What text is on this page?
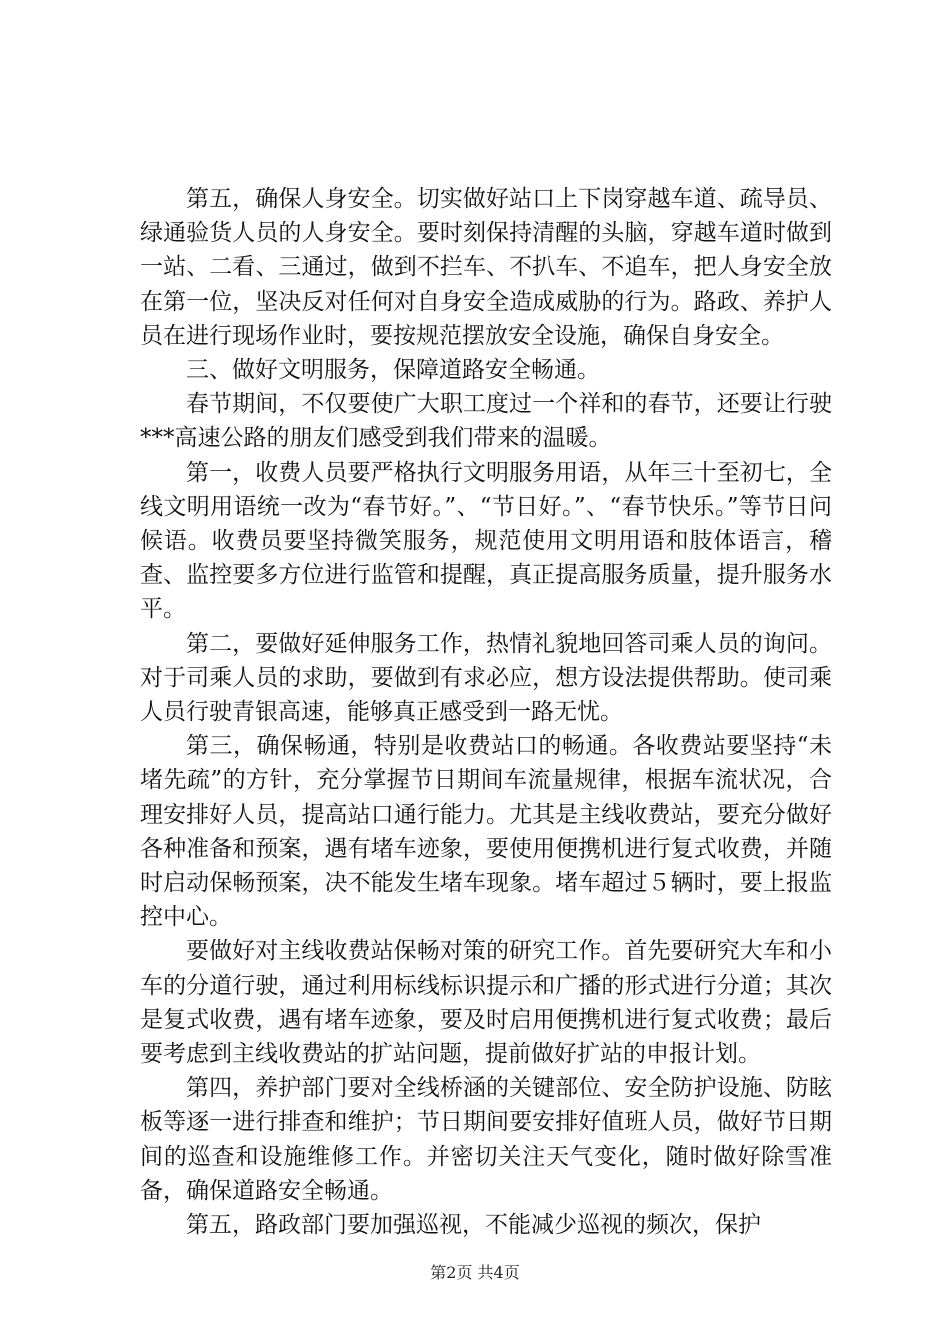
第五，确保人身安全。切实做好站口上下岗穿越车道、疏导员、绿通验货人员的人身安全。要时刻保持清醒的头脑，穿越车道时做到一站、二看、三通过，做到不拦车、不扒车、不追车，把人身安全放在第一位，坚决反对任何对自身安全造成威胁的行为。路政、养护人员在进行现场作业时，要按规范摆放安全设施，确保自身安全。

三、做好文明服务，保障道路安全畅通。

春节期间，不仅要使广大职工度过一个祥和的春节，还要让行驶***高速公路的朋友们感受到我们带来的温暖。

第一，收费人员要严格执行文明服务用语，从年三十至初七，全线文明用语统一改为“春节好。”、“节日好。”、“春节快乐。”等节日问候语。收费员要坚持微笑服务，规范使用文明用语和肢体语言，稽查、监控要多方位进行监管和提醒，真正提高服务质量，提升服务水平。

第二，要做好延伸服务工作，热情礼貌地回答司乘人员的询问。对于司乘人员的求助，要做到有求必应，想方设法提供帮助。使司乘人员行驶青银高速，能够真正感受到一路无忧。

第三，确保畅通，特别是收费站口的畅通。各收费站要坚持“未堵先疏”的方针，充分掌握节日期间车流量规律，根据车流状况，合理安排好人员，提高站口通行能力。尤其是主线收费站，要充分做好各种准备和预案，遇有堵车迹象，要使用便携机进行复式收费，并随时启动保畅预案，决不能发生堵车现象。堵车超过５辆时，要上报监控中心。

要做好对主线收费站保畅对策的研究工作。首先要研究大车和小车的分道行驶，通过利用标线标识提示和广播的形式进行分道；其次是复式收费，遇有堵车迹象，要及时启用便携机进行复式收费；最后要考虑到主线收费站的扩站问题，提前做好扩站的申报计划。

第四，养护部门要对全线桥涵的关键部位、安全防护设施、防眩板等逐一进行排查和维护；节日期间要安排好值班人员，做好节日期间的巡查和设施维修工作。并密切关注天气变化，随时做好除雪准备，确保道路安全畅通。

第五，路政部门要加强巡视，不能减少巡视的频次，保护

第2页 共4页
